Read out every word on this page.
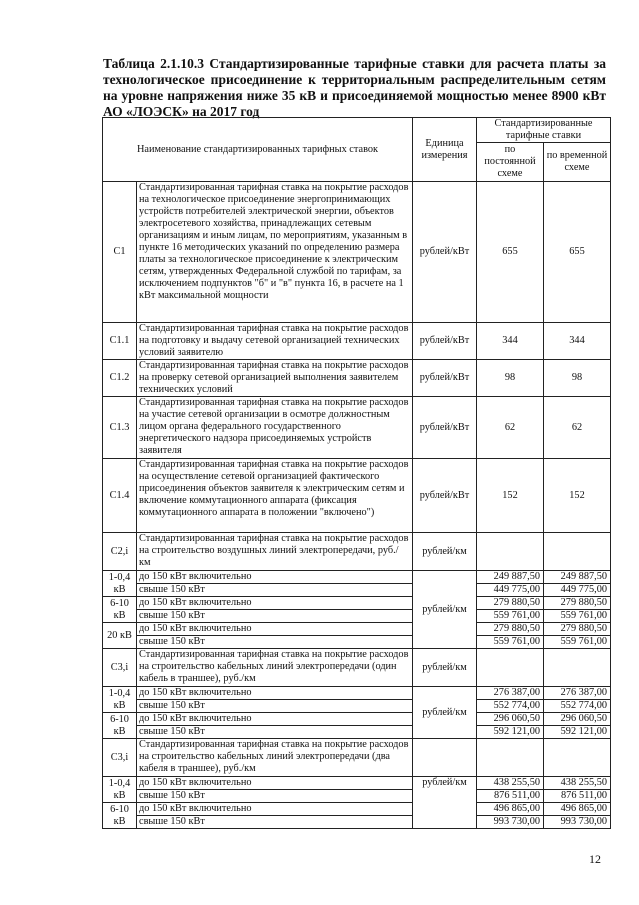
Таблица 2.1.10.3 Стандартизированные тарифные ставки для расчета платы за технологическое присоединение к территориальным распределительным сетям на уровне напряжения ниже 35 кВ и присоединяемой мощностью менее 8900 кВт АО «ЛОЭСК» на 2017 год

Наименование стандартизированных тарифных ставок		Единица измерения	Стандартизированные тарифные ставки	
			по постоянной схеме	по временной схеме
С1	Стандартизированная тарифная ставка на покрытие расходов на технологическое присоединение энергопринимающих устройств потребителей электрической энергии, объектов электросетевого хозяйства, принадлежащих сетевым организациям и иным лицам, по мероприятиям, указанным в пункте 16 методических указаний по определению размера платы за технологическое присоединение к электрическим сетям, утвержденных Федеральной службой по тарифам, за исключением подпунктов "б" и "в" пункта 16, в расчете на 1 кВт максимальной мощности	рублей/кВт	655	655
С1.1	Стандартизированная тарифная ставка на покрытие расходов на подготовку и выдачу сетевой организацией технических условий заявителю	рублей/кВт	344	344
С1.2	Стандартизированная тарифная ставка на покрытие расходов на проверку сетевой организацией выполнения заявителем технических условий	рублей/кВт	98	98
С1.3	Стандартизированная тарифная ставка на покрытие расходов на участие сетевой организации в осмотре должностным лицом органа федерального государственного энергетического надзора присоединяемых устройств заявителя	рублей/кВт	62	62
С1.4	Стандартизированная тарифная ставка на покрытие расходов на осуществление сетевой организацией фактического присоединения объектов заявителя к электрическим сетям и включение коммутационного аппарата (фиксация коммутационного аппарата в положении "включено")	рублей/кВт	152	152
С2,i	Стандартизированная тарифная ставка на покрытие расходов на строительство воздушных линий электропередачи, руб./км	рублей/км		
1-0,4 кВ	до 150 кВт включительно	рублей/км	249 887,50	249 887,50
	свыше 150 кВт		449 775,00	449 775,00
6-10 кВ	до 150 кВт включительно		279 880,50	279 880,50
	свыше 150 кВт		559 761,00	559 761,00
20 кВ	до 150 кВт включительно		279 880,50	279 880,50
	свыше 150 кВт		559 761,00	559 761,00
С3,i	Стандартизированная тарифная ставка на покрытие расходов на строительство кабельных линий электропередачи (один кабель в траншее), руб./км	рублей/км		
1-0,4 кВ	до 150 кВт включительно	рублей/км	276 387,00	276 387,00
	свыше 150 кВт		552 774,00	552 774,00
6-10 кВ	до 150 кВт включительно		296 060,50	296 060,50
	свыше 150 кВт		592 121,00	592 121,00
С3,i	Стандартизированная тарифная ставка на покрытие расходов на строительство кабельных линий электропередачи (два кабеля в траншее), руб./км			
1-0,4 кВ	до 150 кВт включительно	рублей/км	438 255,50	438 255,50
	свыше 150 кВт		876 511,00	876 511,00
6-10 кВ	до 150 кВт включительно		496 865,00	496 865,00
	свыше 150 кВт		993 730,00	993 730,00
12
